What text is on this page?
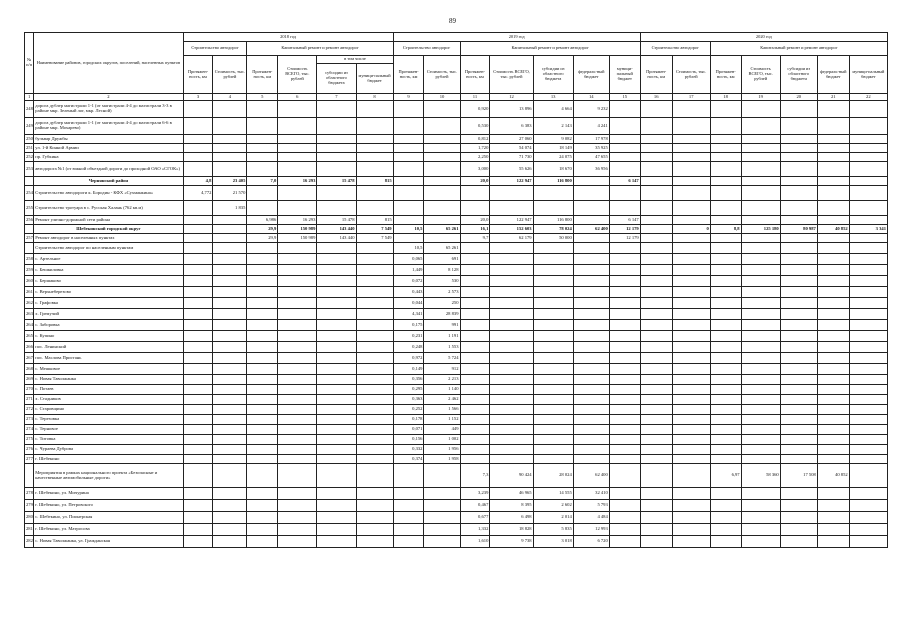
89
№ п/п	Наименование районов, городских округов, поселений, населенных пунктов	2018 год						2019 год							2020 год						
		Строительство автодорог		Капитальный ремонт и ремонт автодорог				Строительство автодорог		Капитальный ремонт и ремонт автодорог					Строительство автодорог		Капитальный ремонт и ремонт автодорог				
		Протяжен-ность, км	Стоимость, тыс. рублей	Протяжен-ность, км	Стоимость ВСЕГО, тыс. рублей	в том числе		Протяжен-ность, км	Стоимость, тыс. рублей	Протяжен-ность, км	Стоимость ВСЕГО, тыс. рублей	субсидии из областного бюджета	федераль-ный бюджет	муници-пальный бюджет	Протяжен-ность, км	Стоимость, тыс. рублей	Протяжен-ность, км	Стоимость ВСЕГО, тыс. рублей	субсидии из областного бюджета	федераль-ный бюджет	муници-пальный бюджет
						субсидии из областного бюджета	муници-пальный бюджет														
1	2	3	4	5	6	7	8	9	10	11	12	13	14	15	16	17	18	19	20	21	22
248	дорога дублер магистрали 1-1 (от магистрали 4-4 до магистрали 3-3 в районе мкр. Зеленый лог, мкр. Лесной)									0,920	13 896	4 664	9 232								
249	дорога дублер магистрали 1-1 (от магистрали 4-4 до магистрали 6-6 в районе мкр. Мохарево)									0,530	6 383	2 143	4 241								
250	бульвар Дружбы									0,812	27 060	9 082	17 978								
251	ул. 1-й Конной Армии									1,720	54 074	18 149	35 925								
252	пр. Губкина									2,250	71 730	24 075	47 655								
253	автодорога №1 (от южной объездной дороги до проходной ОАО «СГОК»)									3,000	55 626	18 670	36 956								
	Чернянский район	4,8	23 405	7,0	16 293	15 478	815			20,0	122 947	116 800		6 147							
254	Строительство автодороги к. Бородин - КФХ «Сухманкина»	4,772	21 570																		
255	Строительство тротуара в с. Русская Халань (762 кв.м)		1 835																		
256	Ремонт улично-дорожной сети района			6,986	16 293	15 478	815			20,0	122 947	116 800		6 147							
	Шебекинский городской округ			29,9	150 989	143 440	7 549	10,5	65 261	16,1	152 603	78 024	62 400	12 179		0	8,8	125 180	80 987	40 852	3 341
257	Ремонт автодорог в населенных пунктах			29,9	150 989	143 440	7 549			9,7	62 179	50 000		12 179							
	Строительство автодорог по населенным пунктам							10,5	65 261												
258	с. Артельное							0,065	691												
259	с. Бешкиловка							1,449	8 128												
260	с. Бершаково							0,072	530												
261	с. Верхнеберезово							0,443	2 573												
262	с. Графовка							0,044	250												
263	х. Гремучий							4,341	28 839												
264	с. Заборовка							0,175	991												
265	с. Купино							0,231	1 191												
266	пос. Ленинский							0,248	1 553												
267	пос. Маслова Пристань							0,972	5 724												
268	с. Мешковое							0,149	912												
269	с. Новая Таволжанка							0,356	2 213												
270	с. Потаев							0,295	1 140												
271	х. Стадников							0,363	2 462												
272	с. Старовщино							0,252	1 566												
273	с. Терезовка							0,178	1 152												
274	с. Терновое							0,071	449												
275	с. Титовка							0,156	1 002												
276	с. Чураева Дуброва							0,332	1 956												
277	г. Шебекино							0,374	1 958												
	Мероприятия в рамках национального проекта «Безопасные и качественные автомобильные дороги»									7,3	90 424	28 024	62 400				6,97	58 360	17 508	40 852	
278	г. Шебекино, ул. Мичурина									3,239	46 965	14 555	32 410								
279	г. Шебекино, ул. Петровского									0,467	8 395	2 602	5 793								
280	с. Шебекино, ул. Пионерская									0,677	6 498	2 014	4 484								
281	г. Шебекино, ул. Матросова									1,332	18 828	5 835	12 993								
282	с. Новая Таволжанка, ул. Гражданская									1,610	9 738	3 018	6 720								
